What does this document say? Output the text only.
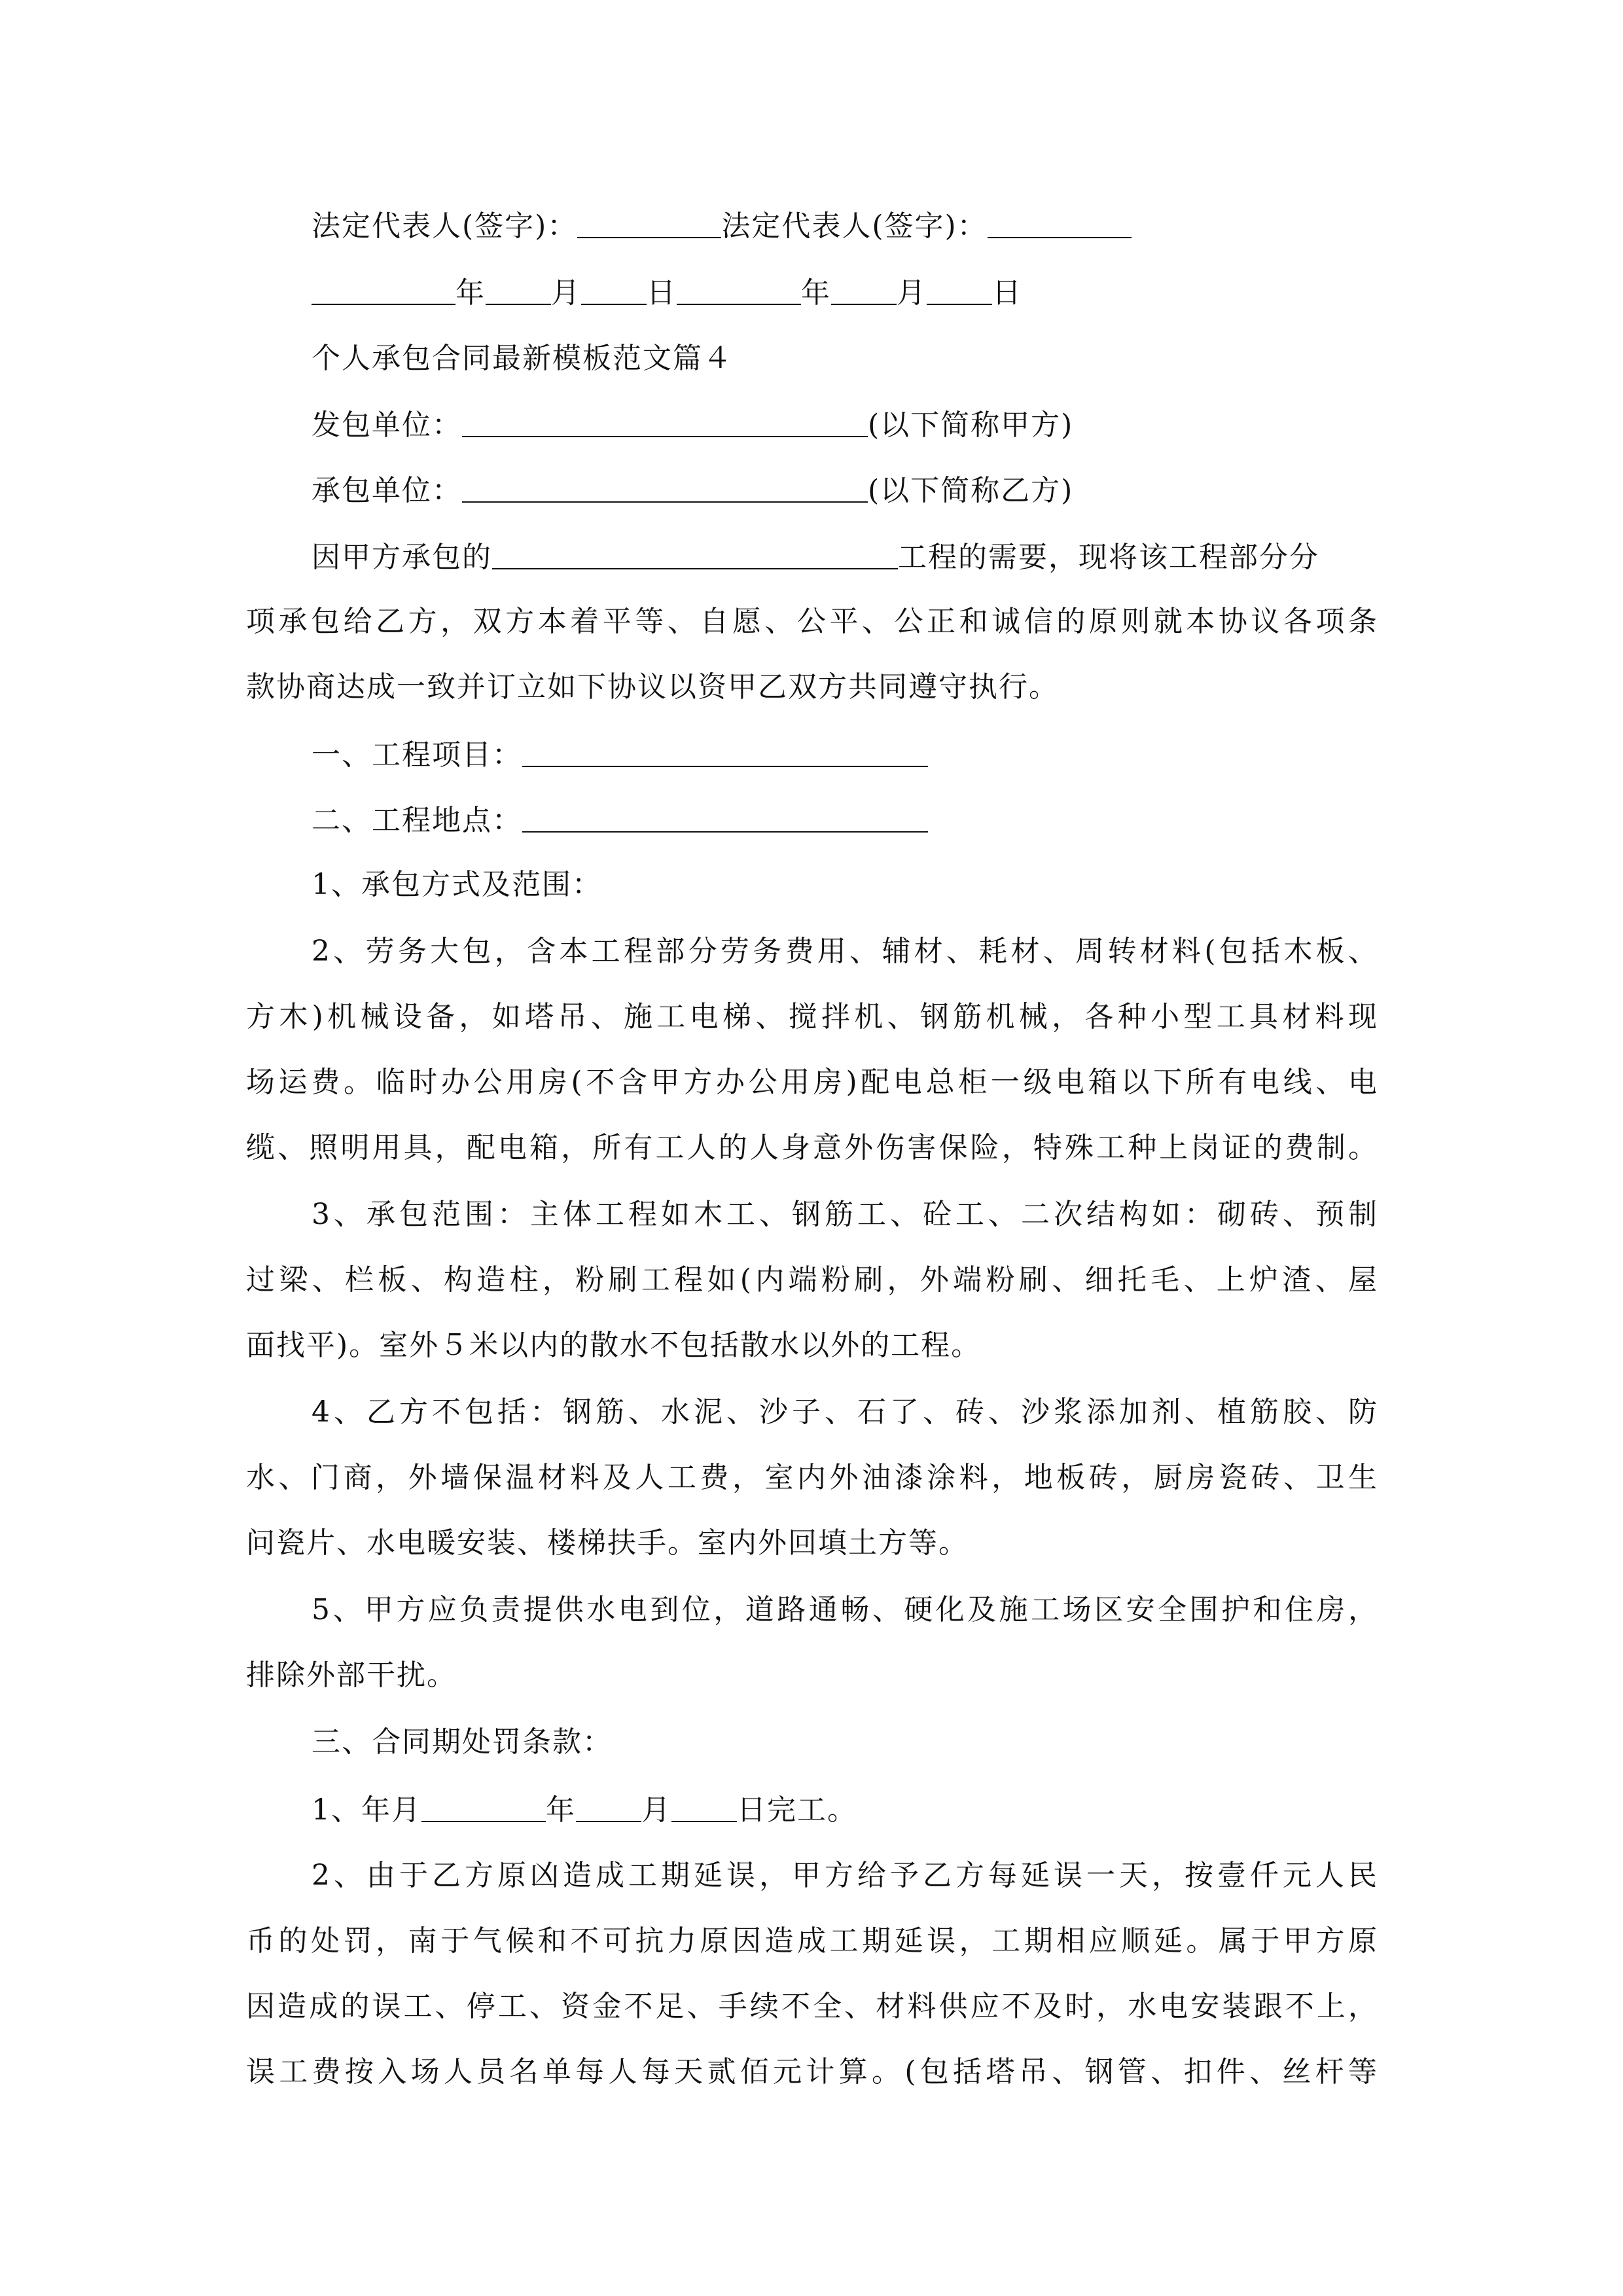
法定代表人(签字)：	法定代表人(签字)：
年 月 日	年 月 日
个人承包合同最新模板范文篇４
发包单位：	(以下简称甲方)
承包单位：	(以下简称乙方)
因甲方承包的	工程的需要，现将该工程部分分
项承包给乙方，双方本着平等、自愿、公平、公正和诚信的原则就本协议各项条
款协商达成一致并订立如下协议以资甲乙双方共同遵守执行。
一、工程项目：
二、工程地点：
1、承包方式及范围：
2、劳务大包，含本工程部分劳务费用、辅材、耗材、周转材料(包括木板、
方木)机械设备，如塔吊、施工电梯、搅拌机、钢筋机械，各种小型工具材料现
场运费。临时办公用房(不含甲方办公用房)配电总柜一级电箱以下所有电线、电
缆、照明用具，配电箱，所有工人的人身意外伤害保险，特殊工种上岗证的费制。
3、承包范围：主体工程如木工、钢筋工、砼工、二次结构如：砌砖、预制
过梁、栏板、构造柱，粉刷工程如(内端粉刷，外端粉刷、细托毛、上炉渣、屋
面找平)。室外５米以内的散水不包括散水以外的工程。
4、乙方不包括：钢筋、水泥、沙子、石了、砖、沙浆添加剂、植筋胶、防
水、门商，外墙保温材料及人工费，室内外油漆涂料，地板砖，厨房瓷砖、卫生
问瓷片、水电暖安装、楼梯扶手。室内外回填土方等。
5、甲方应负责提供水电到位，道路通畅、硬化及施工场区安全围护和住房，
排除外部干扰。
三、合同期处罚条款：
1、年月	年 月 日完工。
2、由于乙方原凶造成工期延误，甲方给予乙方每延误一天，按壹仟元人民
币的处罚，南于气候和不可抗力原因造成工期延误，工期相应顺延。属于甲方原
因造成的误工、停工、资金不足、手续不全、材料供应不及时，水电安装跟不上，
误工费按入场人员名单每人每天贰佰元计算。(包括塔吊、钢管、扣件、丝杆等
